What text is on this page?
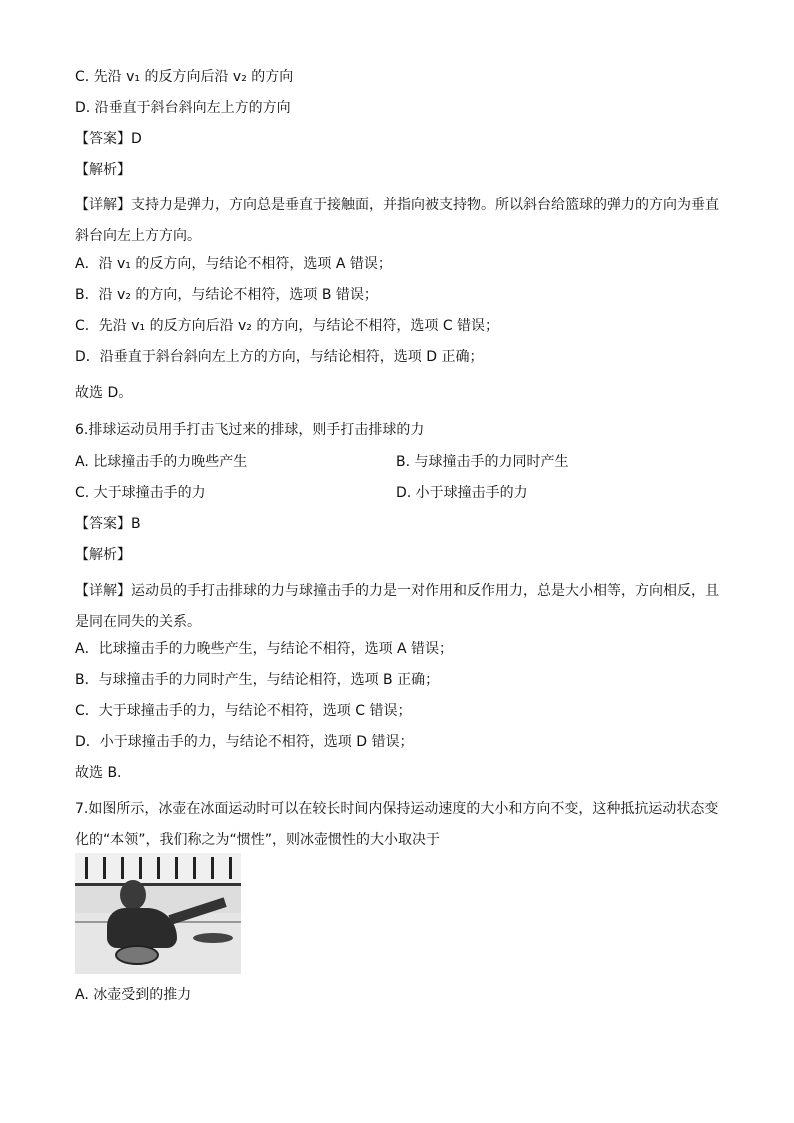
C. 先沿 v₁ 的反方向后沿 v₂ 的方向
D. 沿垂直于斜台斜向左上方的方向
【答案】D
【解析】
【详解】支持力是弹力，方向总是垂直于接触面，并指向被支持物。所以斜台给篮球的弹力的方向为垂直斜台向左上方方向。
A．沿 v₁ 的反方向，与结论不相符，选项 A 错误；
B．沿 v₂ 的方向，与结论不相符，选项 B 错误；
C．先沿 v₁ 的反方向后沿 v₂ 的方向，与结论不相符，选项 C 错误；
D．沿垂直于斜台斜向左上方的方向，与结论相符，选项 D 正确；
故选 D。
6.排球运动员用手打击飞过来的排球，则手打击排球的力
A. 比球撞击手的力晚些产生	B. 与球撞击手的力同时产生
C. 大于球撞击手的力	D. 小于球撞击手的力
【答案】B
【解析】
【详解】运动员的手打击排球的力与球撞击手的力是一对作用和反作用力，总是大小相等，方向相反，且是同在同失的关系。
A．比球撞击手的力晚些产生，与结论不相符，选项 A 错误；
B．与球撞击手的力同时产生，与结论相符，选项 B 正确；
C．大于球撞击手的力，与结论不相符，选项 C 错误；
D．小于球撞击手的力，与结论不相符，选项 D 错误；
故选 B.
7.如图所示，冰壶在冰面运动时可以在较长时间内保持运动速度的大小和方向不变，这种抵抗运动状态变化的“本领”，我们称之为“惯性”，则冰壶惯性的大小取决于
A. 冰壶受到的推力
